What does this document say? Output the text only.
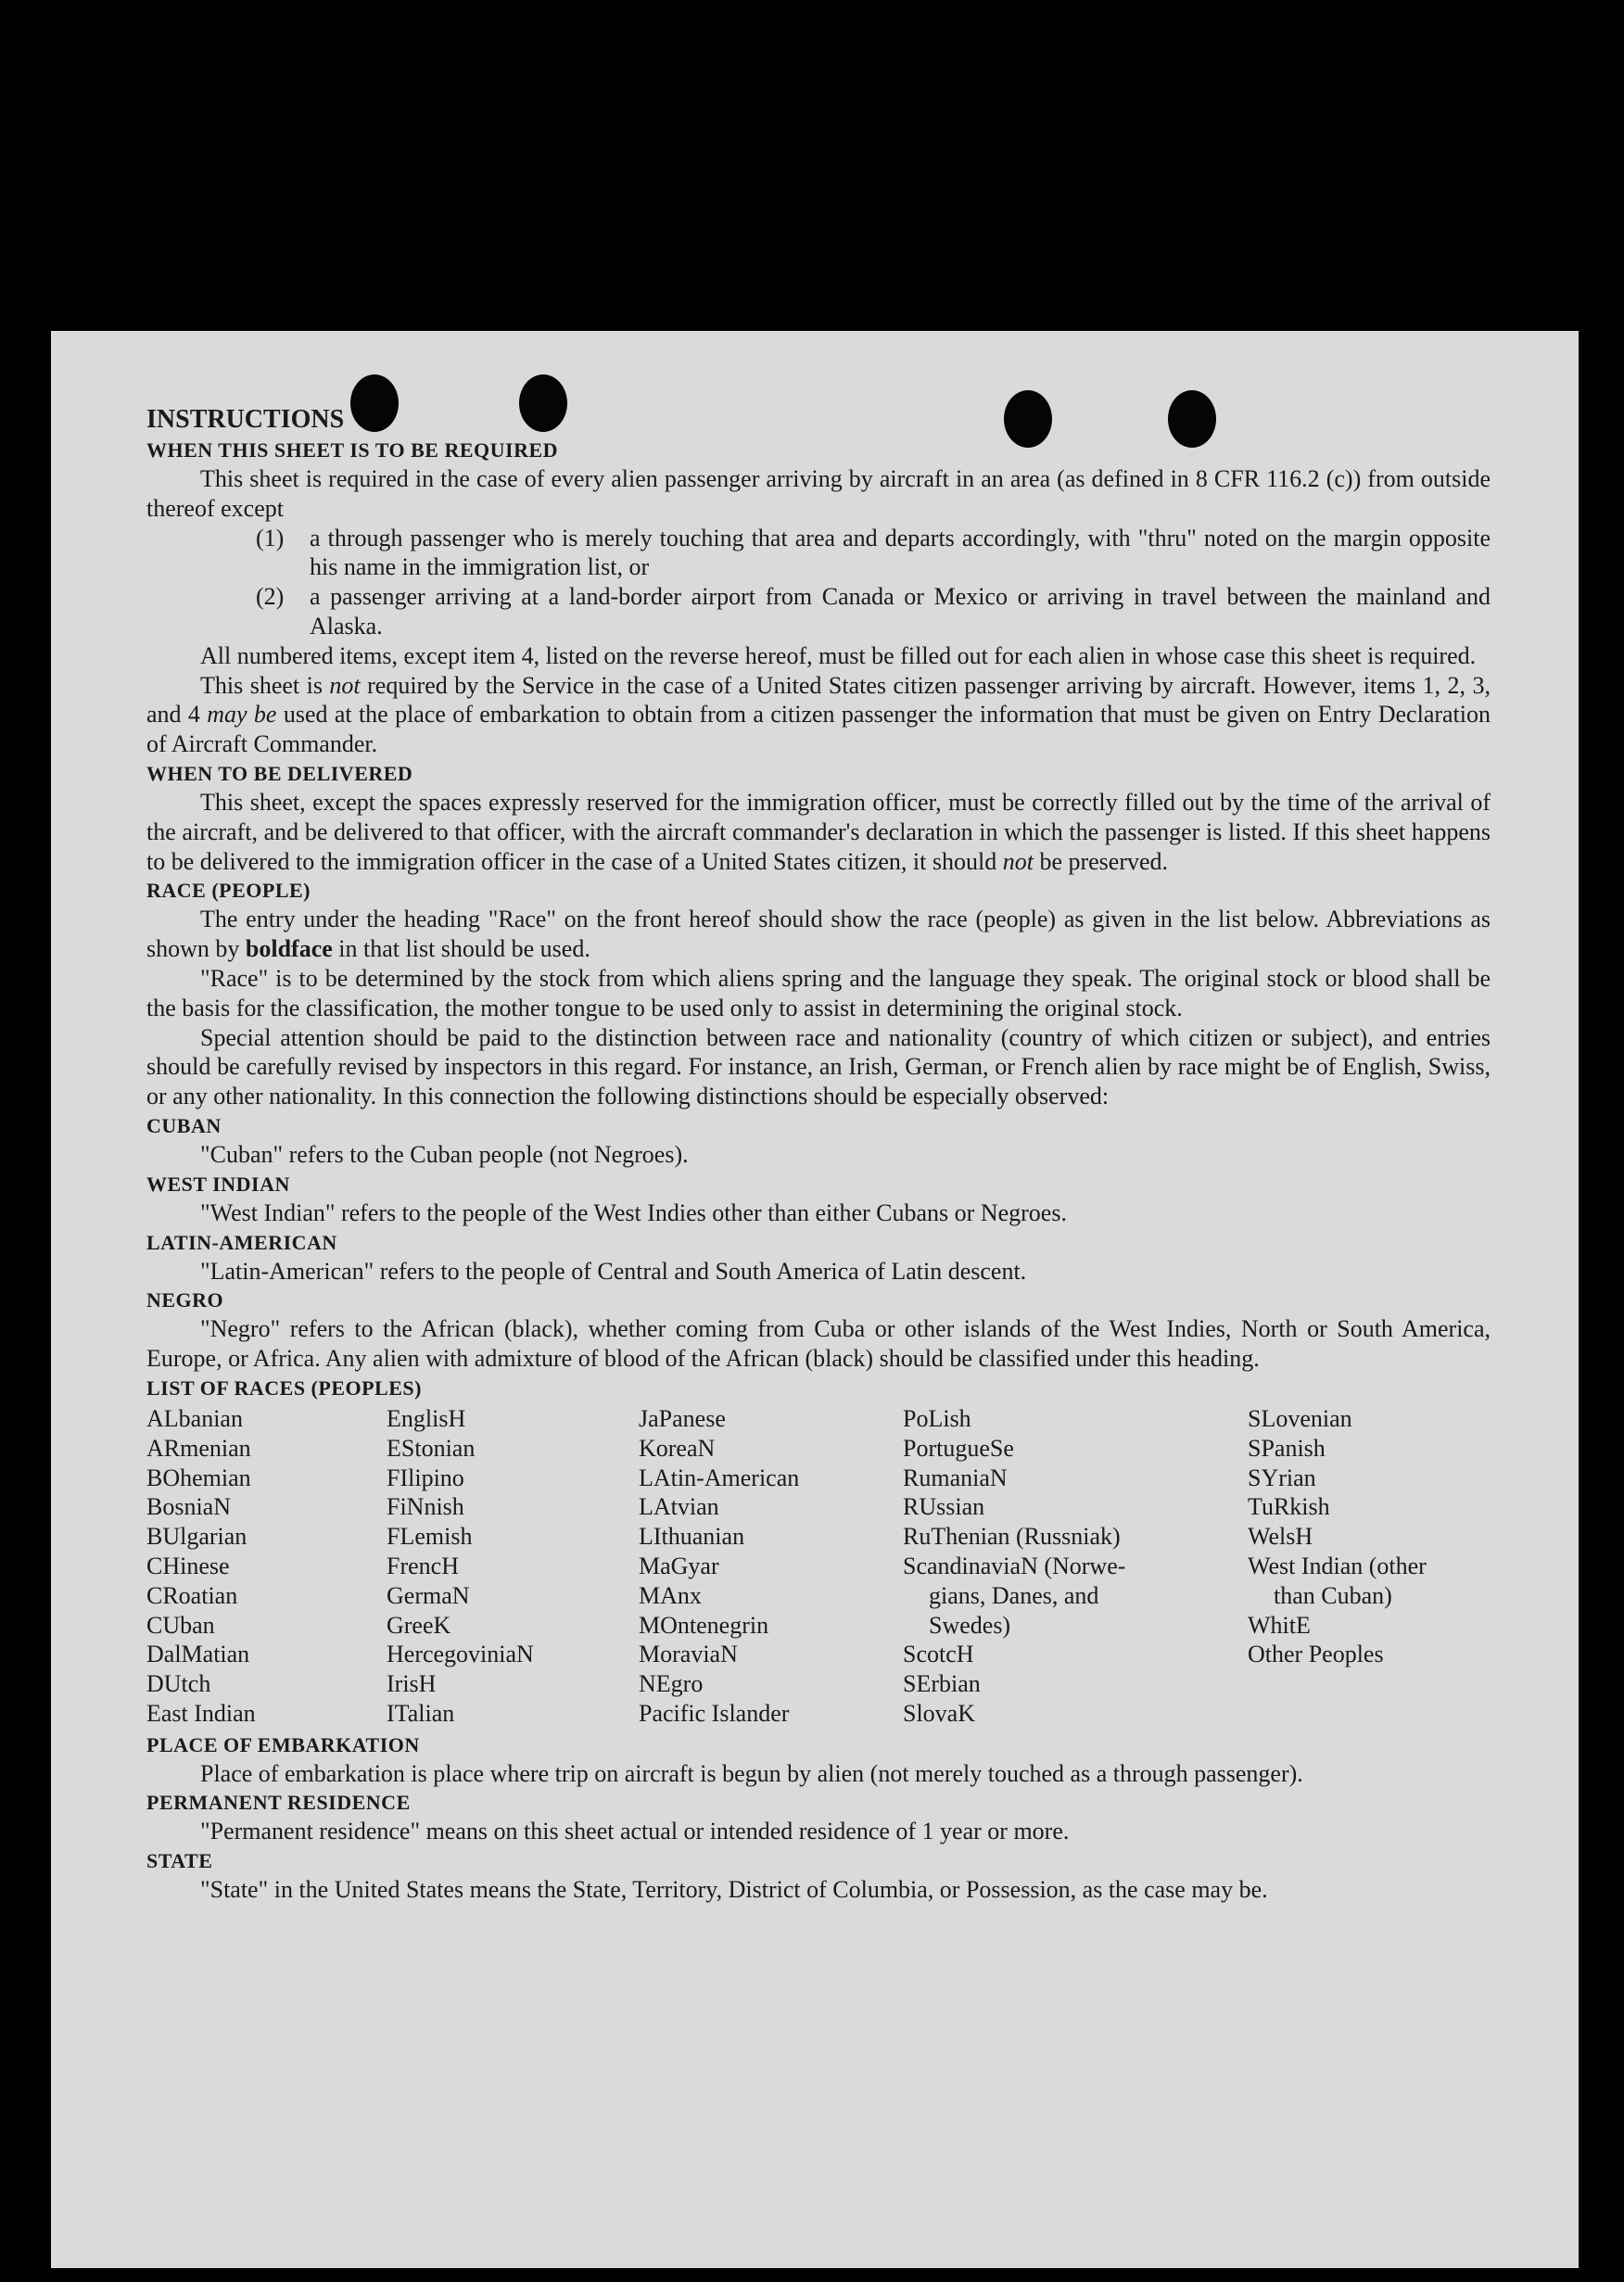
INSTRUCTIONS

WHEN THIS SHEET IS TO BE REQUIRED

This sheet is required in the case of every alien passenger arriving by aircraft in an area (as defined in 8 CFR 116.2 (c)) from outside thereof except

(1)	a through passenger who is merely touching that area and departs accordingly, with "thru" noted on the margin opposite his name in the immigration list, or
(2)	a passenger arriving at a land-border airport from Canada or Mexico or arriving in travel between the mainland and Alaska.

All numbered items, except item 4, listed on the reverse hereof, must be filled out for each alien in whose case this sheet is required.

This sheet is not required by the Service in the case of a United States citizen passenger arriving by aircraft. However, items 1, 2, 3, and 4 may be used at the place of embarkation to obtain from a citizen passenger the information that must be given on Entry Declaration of Aircraft Commander.

WHEN TO BE DELIVERED

This sheet, except the spaces expressly reserved for the immigration officer, must be correctly filled out by the time of the arrival of the aircraft, and be delivered to that officer, with the aircraft commander's declaration in which the passenger is listed. If this sheet happens to be delivered to the immigration officer in the case of a United States citizen, it should not be preserved.

RACE (PEOPLE)

The entry under the heading "Race" on the front hereof should show the race (people) as given in the list below. Abbreviations as shown by boldface in that list should be used.

"Race" is to be determined by the stock from which aliens spring and the language they speak. The original stock or blood shall be the basis for the classification, the mother tongue to be used only to assist in determining the original stock.

Special attention should be paid to the distinction between race and nationality (country of which citizen or subject), and entries should be carefully revised by inspectors in this regard. For instance, an Irish, German, or French alien by race might be of English, Swiss, or any other nationality. In this connection the following distinctions should be especially observed:

CUBAN

"Cuban" refers to the Cuban people (not Negroes).

WEST INDIAN

"West Indian" refers to the people of the West Indies other than either Cubans or Negroes.

LATIN-AMERICAN

"Latin-American" refers to the people of Central and South America of Latin descent.

NEGRO

"Negro" refers to the African (black), whether coming from Cuba or other islands of the West Indies, North or South America, Europe, or Africa. Any alien with admixture of blood of the African (black) should be classified under this heading.

LIST OF RACES (PEOPLES)

ALbanian
ARmenian
BOhemian
BosniaN
BUlgarian
CHinese
CRoatian
CUban
DalMatian
DUtch
East Indian
EnglisH
EStonian
FIlipino
FiNnish
FLemish
FrencH
GermaN
GreeK
HercegoviniaN
IrisH
ITalian
JaPanese
KoreaN
LAtin-American
LAtvian
LIthuanian
MaGyar
MAnx
MOntenegrin
MoraviaN
NEgro
Pacific Islander
PoLish
PortugueSe
RumaniaN
RUssian
RuThenian (Russniak)
ScandinaviaN (Norwe-
gians, Danes, and
Swedes)
ScotcH
SErbian
SlovaK
SLovenian
SPanish
SYrian
TuRkish
WelsH
West Indian (other
than Cuban)
WhitE
Other Peoples

PLACE OF EMBARKATION

Place of embarkation is place where trip on aircraft is begun by alien (not merely touched as a through passenger).

PERMANENT RESIDENCE

"Permanent residence" means on this sheet actual or intended residence of 1 year or more.

STATE

"State" in the United States means the State, Territory, District of Columbia, or Possession, as the case may be.
